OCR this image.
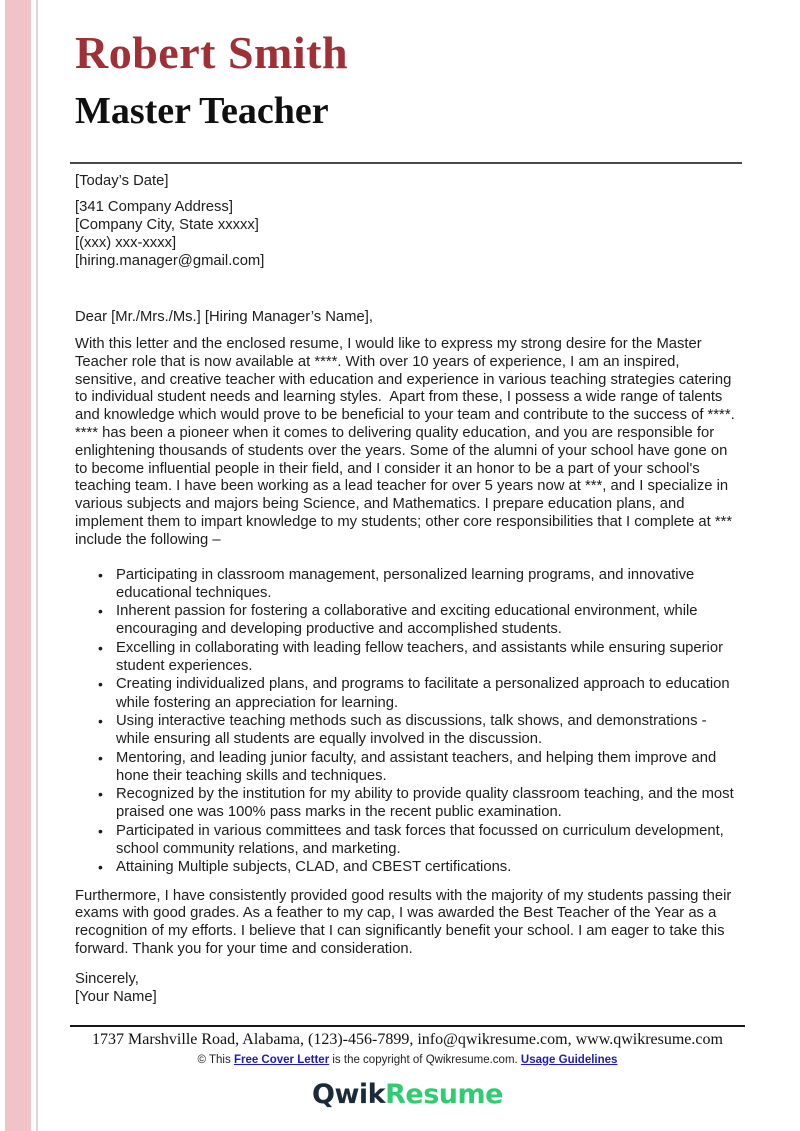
Robert Smith
Master Teacher
[Today’s Date]
[341 Company Address]
[Company City, State xxxxx]
[(xxx) xxx-xxxx]
[hiring.manager@gmail.com]
Dear [Mr./Mrs./Ms.] [Hiring Manager’s Name],

With this letter and the enclosed resume, I would like to express my strong desire for the Master Teacher role that is now available at ****. With over 10 years of experience, I am an inspired, sensitive, and creative teacher with education and experience in various teaching strategies catering to individual student needs and learning styles.  Apart from these, I possess a wide range of talents and knowledge which would prove to be beneficial to your team and contribute to the success of ****. **** has been a pioneer when it comes to delivering quality education, and you are responsible for enlightening thousands of students over the years. Some of the alumni of your school have gone on to become influential people in their field, and I consider it an honor to be a part of your school's teaching team. I have been working as a lead teacher for over 5 years now at ***, and I specialize in various subjects and majors being Science, and Mathematics. I prepare education plans, and implement them to impart knowledge to my students; other core responsibilities that I complete at *** include the following –

• Participating in classroom management, personalized learning programs, and innovative educational techniques.
• Inherent passion for fostering a collaborative and exciting educational environment, while encouraging and developing productive and accomplished students.
• Excelling in collaborating with leading fellow teachers, and assistants while ensuring superior student experiences.
• Creating individualized plans, and programs to facilitate a personalized approach to education while fostering an appreciation for learning.
• Using interactive teaching methods such as discussions, talk shows, and demonstrations - while ensuring all students are equally involved in the discussion.
• Mentoring, and leading junior faculty, and assistant teachers, and helping them improve and hone their teaching skills and techniques.
• Recognized by the institution for my ability to provide quality classroom teaching, and the most praised one was 100% pass marks in the recent public examination.
• Participated in various committees and task forces that focussed on curriculum development, school community relations, and marketing.
• Attaining Multiple subjects, CLAD, and CBEST certifications.

Furthermore, I have consistently provided good results with the majority of my students passing their exams with good grades. As a feather to my cap, I was awarded the Best Teacher of the Year as a recognition of my efforts. I believe that I can significantly benefit your school. I am eager to take this forward. Thank you for your time and consideration.

Sincerely,
[Your Name]
1737 Marshville Road, Alabama, (123)-456-7899, info@qwikresume.com, www.qwikresume.com
© This Free Cover Letter is the copyright of Qwikresume.com. Usage Guidelines
QwikResume
